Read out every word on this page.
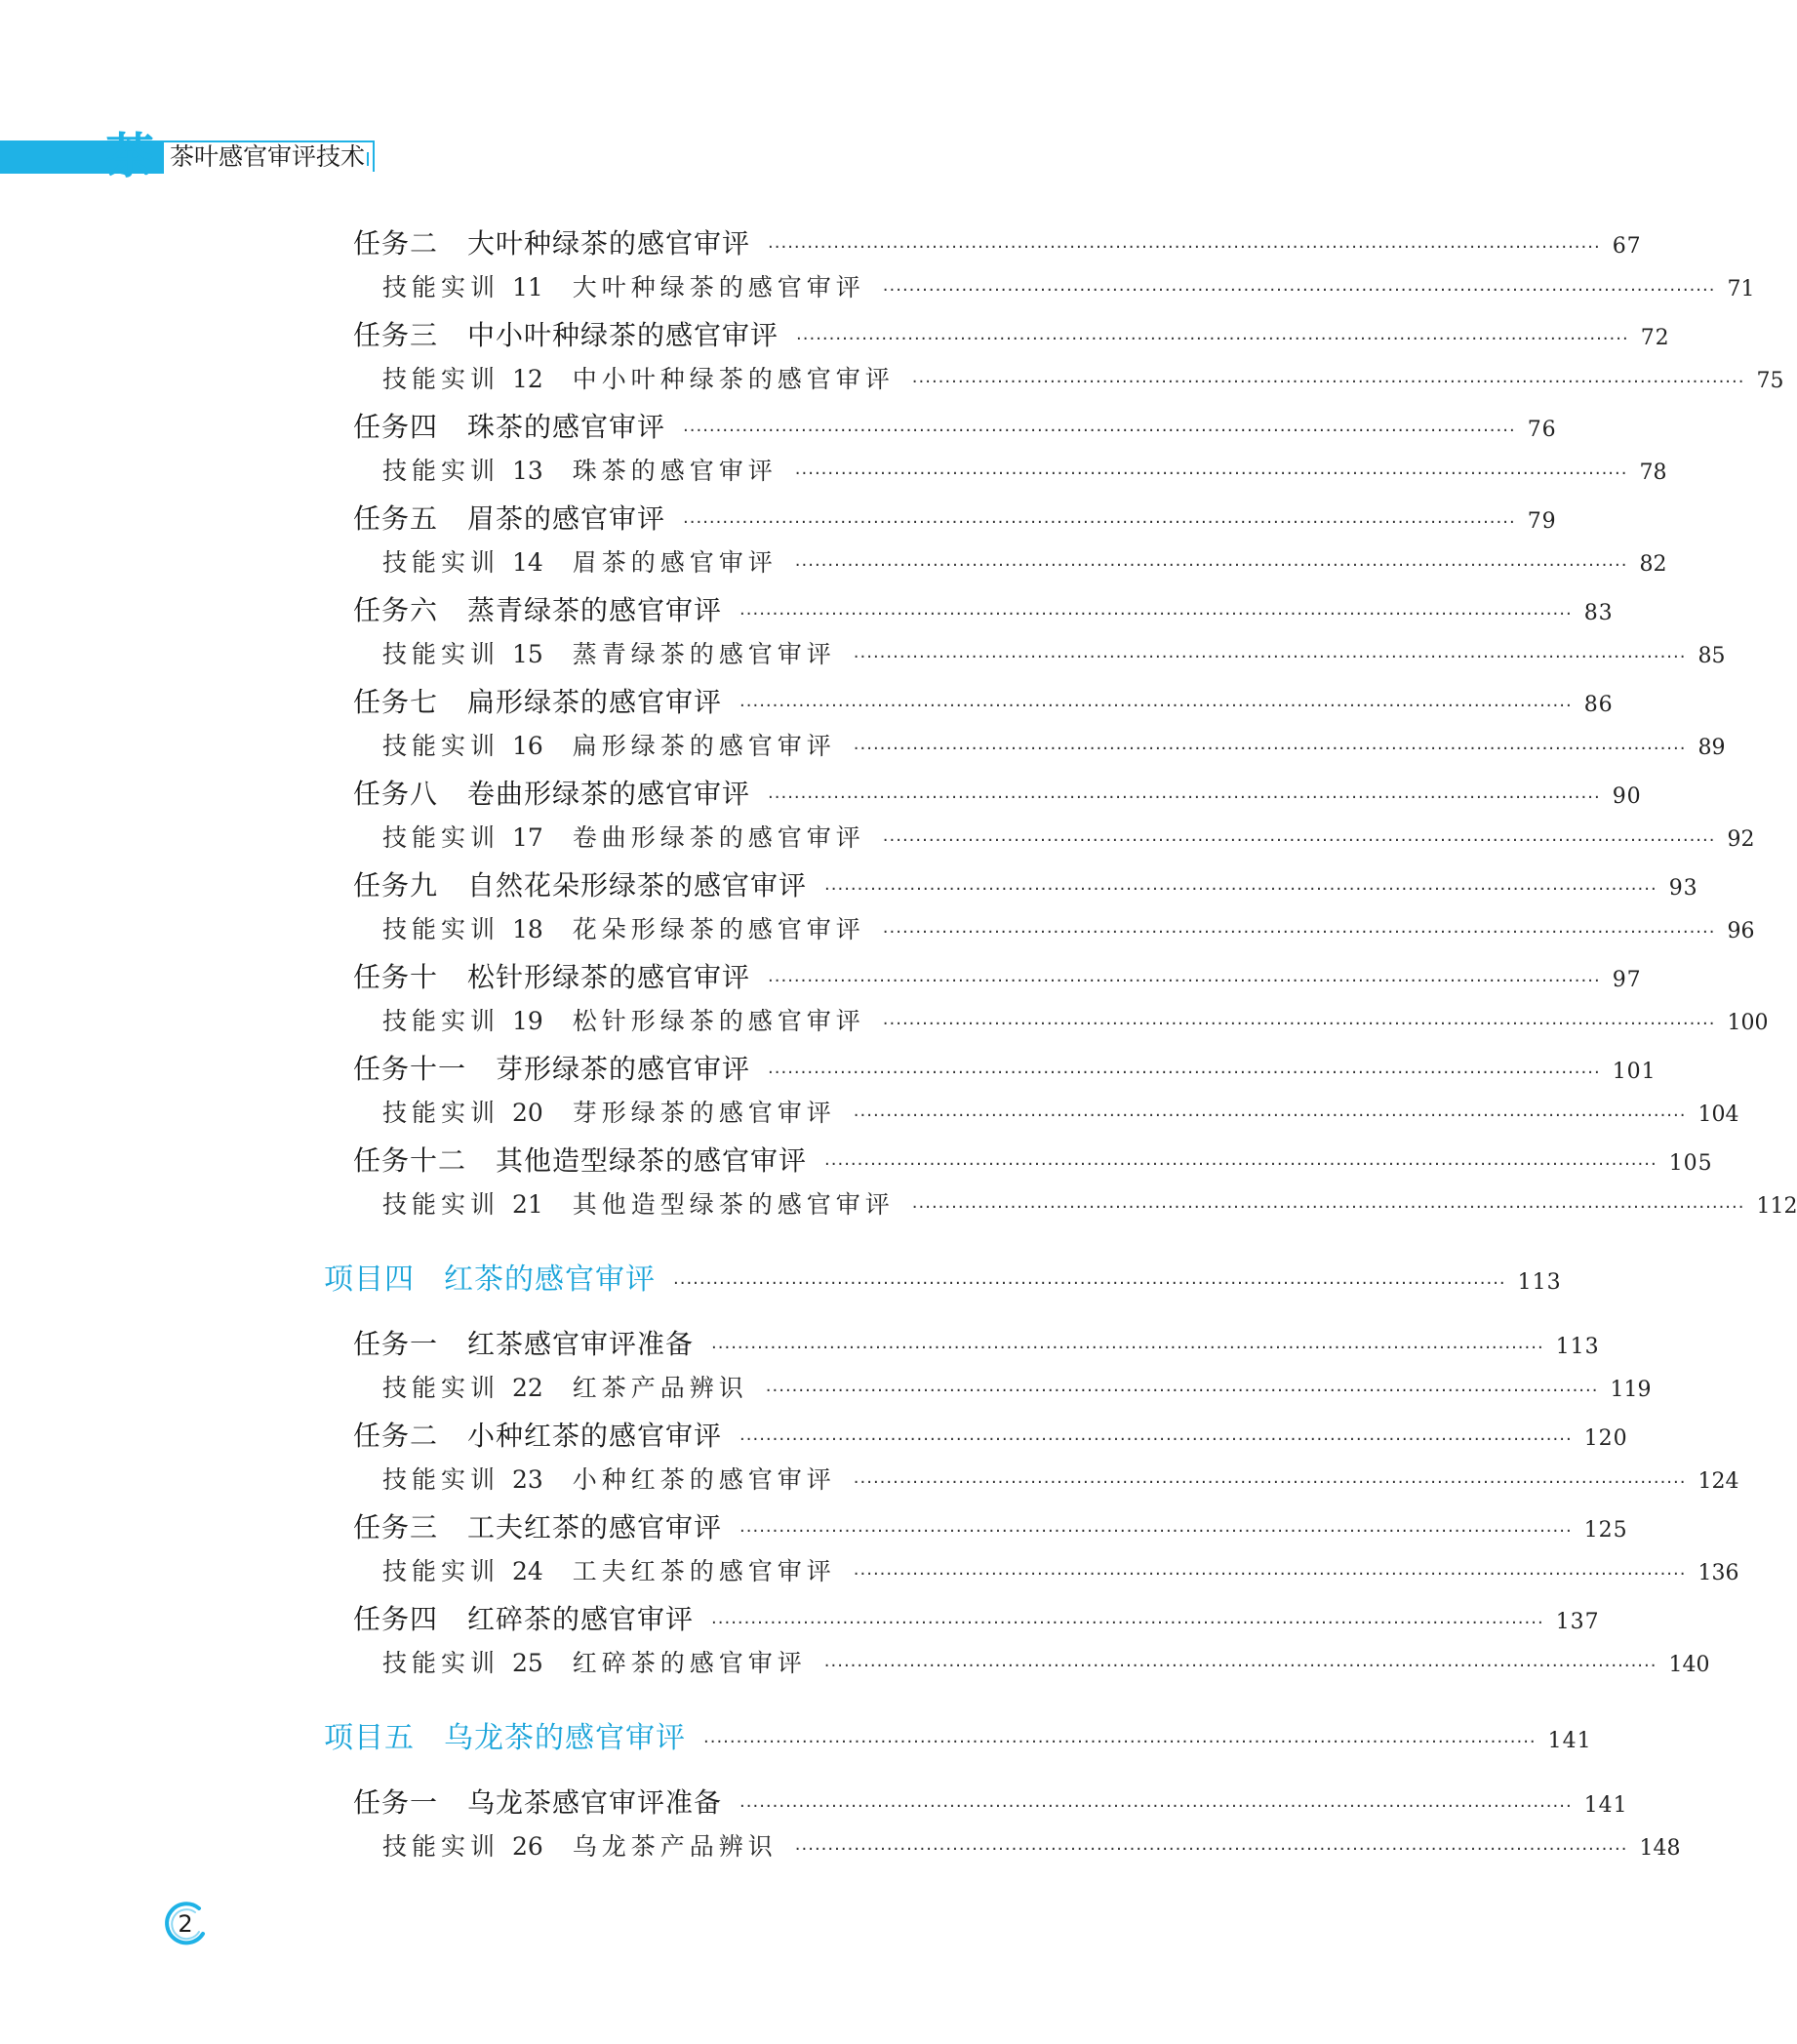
茶 茶叶感官审评技术
任务二 大叶种绿茶的感官审评 ······························································································································· 67
技能实训 11 大叶种绿茶的感官审评 ······························································································································· 71
任务三 中小叶种绿茶的感官审评 ······························································································································· 72
技能实训 12 中小叶种绿茶的感官审评 ······························································································································· 75
任务四 珠茶的感官审评 ······························································································································· 76
技能实训 13 珠茶的感官审评 ······························································································································· 78
任务五 眉茶的感官审评 ······························································································································· 79
技能实训 14 眉茶的感官审评 ······························································································································· 82
任务六 蒸青绿茶的感官审评 ······························································································································· 83
技能实训 15 蒸青绿茶的感官审评 ······························································································································· 85
任务七 扁形绿茶的感官审评 ······························································································································· 86
技能实训 16 扁形绿茶的感官审评 ······························································································································· 89
任务八 卷曲形绿茶的感官审评 ······························································································································· 90
技能实训 17 卷曲形绿茶的感官审评 ······························································································································· 92
任务九 自然花朵形绿茶的感官审评 ······························································································································· 93
技能实训 18 花朵形绿茶的感官审评 ······························································································································· 96
任务十 松针形绿茶的感官审评 ······························································································································· 97
技能实训 19 松针形绿茶的感官审评 ······························································································································· 100
任务十一 芽形绿茶的感官审评 ······························································································································· 101
技能实训 20 芽形绿茶的感官审评 ······························································································································· 104
任务十二 其他造型绿茶的感官审评 ······························································································································· 105
技能实训 21 其他造型绿茶的感官审评 ······························································································································· 112
项目四 红茶的感官审评 ······························································································································· 113
任务一 红茶感官审评准备 ······························································································································· 113
技能实训 22 红茶产品辨识 ······························································································································· 119
任务二 小种红茶的感官审评 ······························································································································· 120
技能实训 23 小种红茶的感官审评 ······························································································································· 124
任务三 工夫红茶的感官审评 ······························································································································· 125
技能实训 24 工夫红茶的感官审评 ······························································································································· 136
任务四 红碎茶的感官审评 ······························································································································· 137
技能实训 25 红碎茶的感官审评 ······························································································································· 140
项目五 乌龙茶的感官审评 ······························································································································· 141
任务一 乌龙茶感官审评准备 ······························································································································· 141
技能实训 26 乌龙茶产品辨识 ······························································································································· 148
2
